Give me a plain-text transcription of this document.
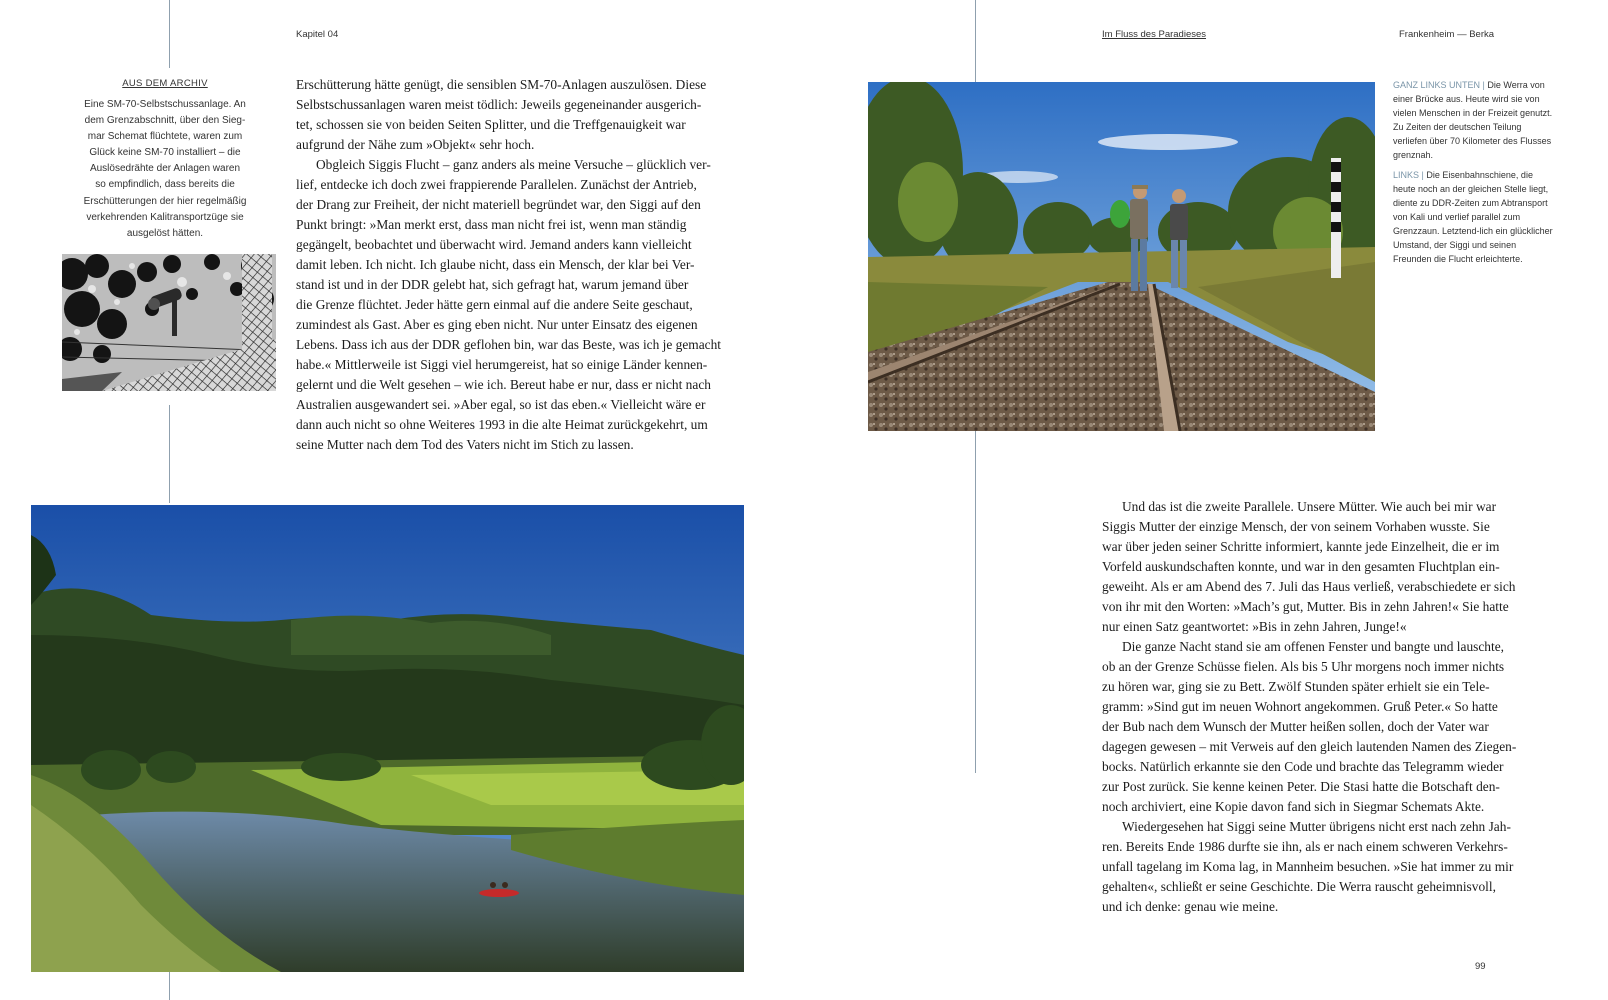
Kapitel 04	Im Fluss des Paradieses	Frankenheim — Berka
AUS DEM ARCHIV
Eine SM-70-Selbstschussanlage. An
dem Grenzabschnitt, über den Sieg-
mar Schemat flüchtete, waren zum
Glück keine SM-70 installiert – die
Auslösedrähte der Anlagen waren
so empfindlich, dass bereits die
Erschütterungen der hier regelmäßig
verkehrenden Kalitransportzüge sie
ausgelöst hätten.
Erschütterung hätte genügt, die sensiblen SM-70-Anlagen auszulösen. Diese
Selbstschussanlagen waren meist tödlich: Jeweils gegeneinander ausgerich-
tet, schossen sie von beiden Seiten Splitter, und die Treffgenauigkeit war
aufgrund der Nähe zum »Objekt« sehr hoch.
Obgleich Siggis Flucht – ganz anders als meine Versuche – glücklich ver-
lief, entdecke ich doch zwei frappierende Parallelen. Zunächst der Antrieb,
der Drang zur Freiheit, der nicht materiell begründet war, den Siggi auf den
Punkt bringt: »Man merkt erst, dass man nicht frei ist, wenn man ständig
gegängelt, beobachtet und überwacht wird. Jemand anders kann vielleicht
damit leben. Ich nicht. Ich glaube nicht, dass ein Mensch, der klar bei Ver-
stand ist und in der DDR gelebt hat, sich gefragt hat, warum jemand über
die Grenze flüchtet. Jeder hätte gern einmal auf die andere Seite geschaut,
zumindest als Gast. Aber es ging eben nicht. Nur unter Einsatz des eigenen
Lebens. Dass ich aus der DDR geflohen bin, war das Beste, was ich je gemacht
habe.« Mittlerweile ist Siggi viel herumgereist, hat so einige Länder kennen-
gelernt und die Welt gesehen – wie ich. Bereut habe er nur, dass er nicht nach
Australien ausgewandert sei. »Aber egal, so ist das eben.« Vielleicht wäre er
dann auch nicht so ohne Weiteres 1993 in die alte Heimat zurückgekehrt, um
seine Mutter nach dem Tod des Vaters nicht im Stich zu lassen.

GANZ LINKS UNTEN | Die Werra von einer Brücke aus. Heute wird sie von vielen Menschen in der Freizeit genutzt. Zu Zeiten der deutschen Teilung verliefen über 70 Kilometer des Flusses grenznah.

LINKS | Die Eisenbahnschiene, die heute noch an der gleichen Stelle liegt, diente zu DDR-Zeiten zum Abtransport von Kali und verlief parallel zum Grenzzaun. Letztend-lich ein glücklicher Umstand, der Siggi und seinen Freunden die Flucht erleichterte.

Und das ist die zweite Parallele. Unsere Mütter. Wie auch bei mir war
Siggis Mutter der einzige Mensch, der von seinem Vorhaben wusste. Sie
war über jeden seiner Schritte informiert, kannte jede Einzelheit, die er im
Vorfeld auskundschaften konnte, und war in den gesamten Fluchtplan ein-
geweiht. Als er am Abend des 7. Juli das Haus verließ, verabschiedete er sich
von ihr mit den Worten: »Mach’s gut, Mutter. Bis in zehn Jahren!« Sie hatte
nur einen Satz geantwortet: »Bis in zehn Jahren, Junge!«
Die ganze Nacht stand sie am offenen Fenster und bangte und lauschte,
ob an der Grenze Schüsse fielen. Als bis 5 Uhr morgens noch immer nichts
zu hören war, ging sie zu Bett. Zwölf Stunden später erhielt sie ein Tele-
gramm: »Sind gut im neuen Wohnort angekommen. Gruß Peter.« So hatte
der Bub nach dem Wunsch der Mutter heißen sollen, doch der Vater war
dagegen gewesen – mit Verweis auf den gleich lautenden Namen des Ziegen-
bocks. Natürlich erkannte sie den Code und brachte das Telegramm wieder
zur Post zurück. Sie kenne keinen Peter. Die Stasi hatte die Botschaft den-
noch archiviert, eine Kopie davon fand sich in Siegmar Schemats Akte.
Wiedergesehen hat Siggi seine Mutter übrigens nicht erst nach zehn Jah-
ren. Bereits Ende 1986 durfte sie ihn, als er nach einem schweren Verkehrs-
unfall tagelang im Koma lag, in Mannheim besuchen. »Sie hat immer zu mir
gehalten«, schließt er seine Geschichte. Die Werra rauscht geheimnisvoll,
und ich denke: genau wie meine.
99
